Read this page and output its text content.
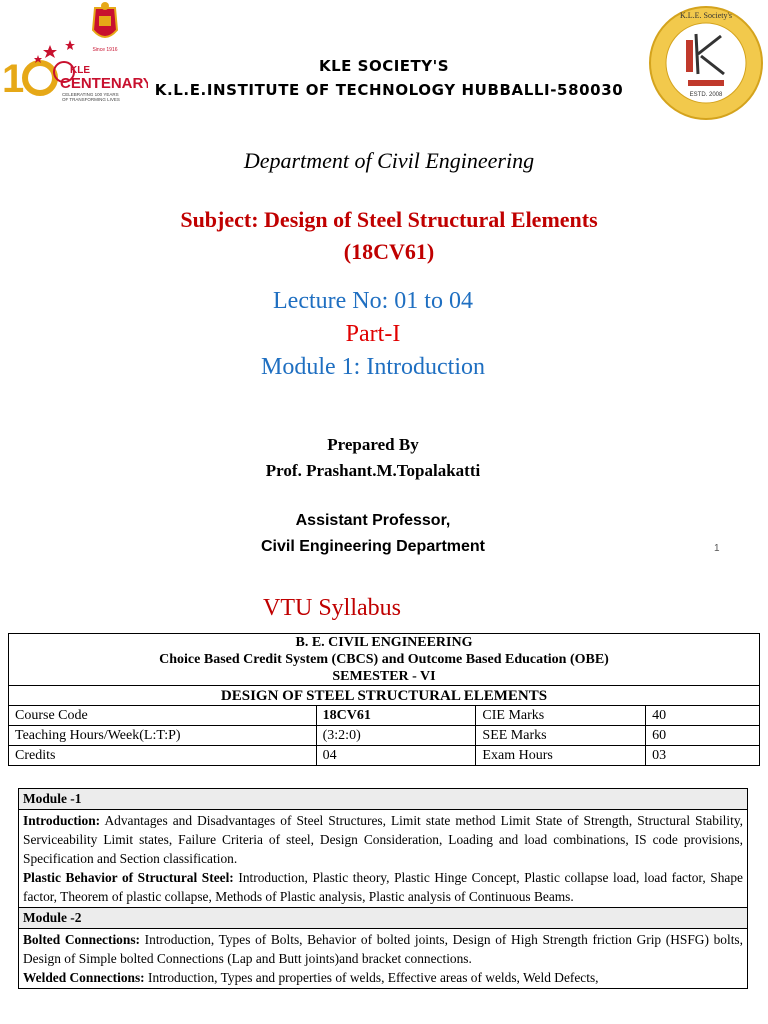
Since 1916
1	KLE
CENTENARY
CELEBRATING 100 YEARS
OF TRANSFORMING LIVES
K.L.E. Society's
ESTD. 2008
KLE SOCIETY'S
K.L.E.INSTITUTE OF TECHNOLOGY HUBBALLI-580030
Department of Civil Engineering
Subject: Design of Steel Structural Elements
(18CV61)
Lecture No: 01 to 04
Part-I
Module 1: Introduction
Prepared By
Prof. Prashant.M.Topalakatti
Assistant Professor,
Civil Engineering Department	1
VTU Syllabus
B. E. CIVIL ENGINEERING
Choice Based Credit System (CBCS) and Outcome Based Education (OBE)
SEMESTER - VI			

DESIGN OF STEEL STRUCTURAL ELEMENTS			
Course Code	18CV61	CIE Marks	40
Teaching Hours/Week(L:T:P)	(3:2:0)	SEE Marks	60
Credits	04	Exam Hours	03
Module -1

Introduction: Advantages and Disadvantages of Steel Structures, Limit state method Limit State of Strength, Structural Stability, Serviceability Limit states, Failure Criteria of steel, Design Consideration, Loading and load combinations, IS code provisions, Specification and Section classification.

Plastic Behavior of Structural Steel: Introduction, Plastic theory, Plastic Hinge Concept, Plastic collapse load, load factor, Shape factor, Theorem of plastic collapse, Methods of Plastic analysis, Plastic analysis of Continuous Beams.

Module -2

Bolted Connections: Introduction, Types of Bolts, Behavior of bolted joints, Design of High Strength friction Grip (HSFG) bolts, Design of Simple bolted Connections (Lap and Butt joints)and bracket connections.

Welded Connections: Introduction, Types and properties of welds, Effective areas of welds, Weld Defects,
